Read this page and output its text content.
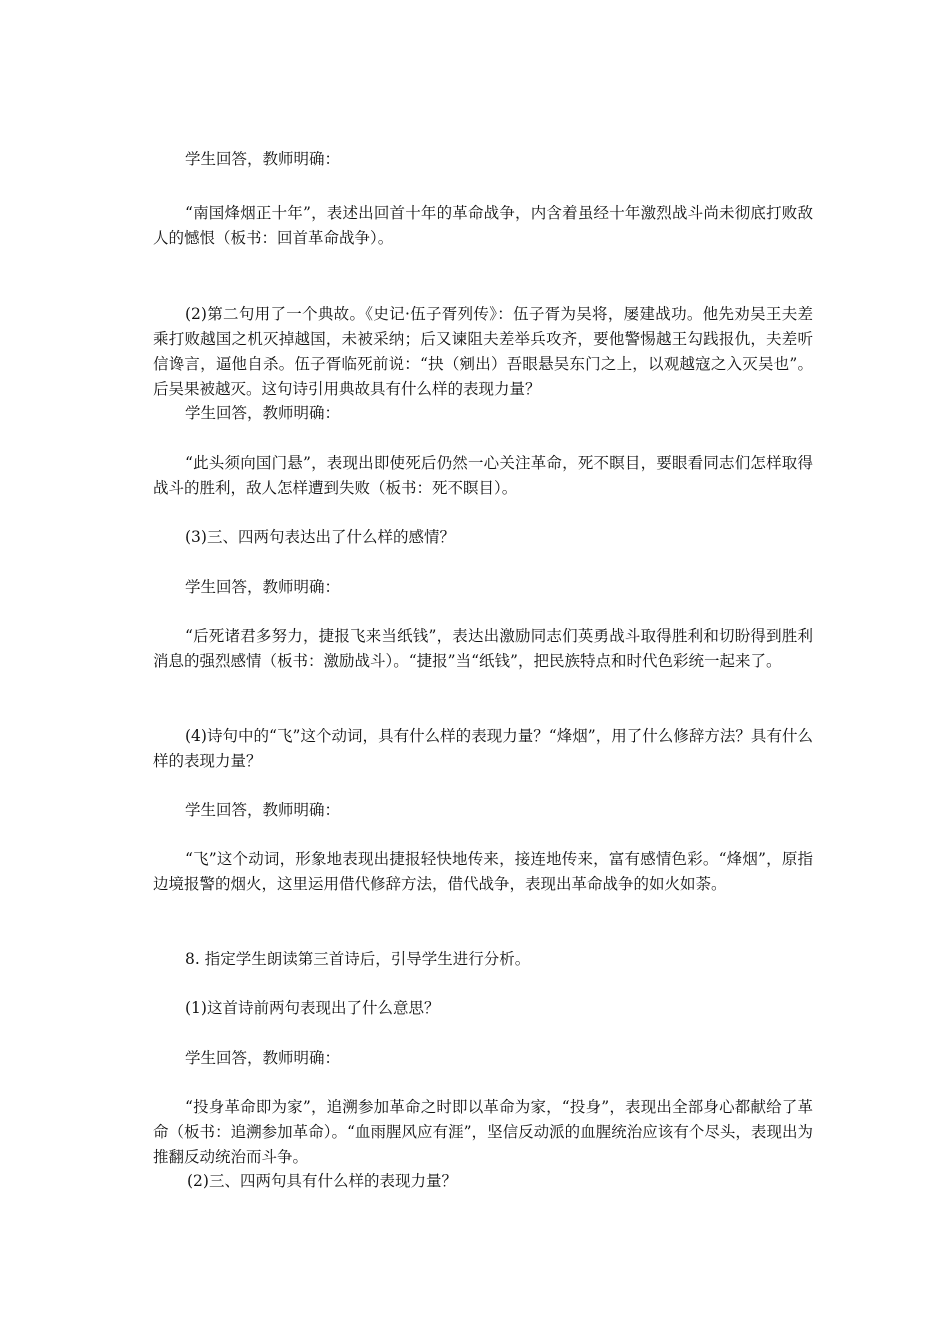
学生回答，教师明确：

“南国烽烟正十年”，表述出回首十年的革命战争，内含着虽经十年激烈战斗尚未彻底打败敌人的憾恨（板书：回首革命战争）。

(2)第二句用了一个典故。《史记·伍子胥列传》：伍子胥为吴将，屡建战功。他先劝吴王夫差乘打败越国之机灭掉越国，未被采纳；后又谏阻夫差举兵攻齐，要他警惕越王勾践报仇，夫差听信谗言，逼他自杀。伍子胥临死前说：“抉（剜出）吾眼悬吴东门之上，以观越寇之入灭吴也”。后吴果被越灭。这句诗引用典故具有什么样的表现力量？

学生回答，教师明确：

“此头须向国门悬”，表现出即使死后仍然一心关注革命，死不瞑目，要眼看同志们怎样取得战斗的胜利，敌人怎样遭到失败（板书：死不瞑目）。

(3)三、四两句表达出了什么样的感情？

学生回答，教师明确：

“后死诸君多努力，捷报飞来当纸钱”，表达出激励同志们英勇战斗取得胜利和切盼得到胜利消息的强烈感情（板书：激励战斗）。“捷报”当“纸钱”，把民族特点和时代色彩统一起来了。

(4)诗句中的“飞”这个动词，具有什么样的表现力量？“烽烟”，用了什么修辞方法？具有什么样的表现力量？

学生回答，教师明确：

“飞”这个动词，形象地表现出捷报轻快地传来，接连地传来，富有感情色彩。“烽烟”，原指边境报警的烟火，这里运用借代修辞方法，借代战争，表现出革命战争的如火如荼。

8. 指定学生朗读第三首诗后，引导学生进行分析。

(1)这首诗前两句表现出了什么意思？

学生回答，教师明确：

“投身革命即为家”，追溯参加革命之时即以革命为家，“投身”，表现出全部身心都献给了革命（板书：追溯参加革命）。“血雨腥风应有涯”，坚信反动派的血腥统治应该有个尽头，表现出为推翻反动统治而斗争。

(2)三、四两句具有什么样的表现力量？
